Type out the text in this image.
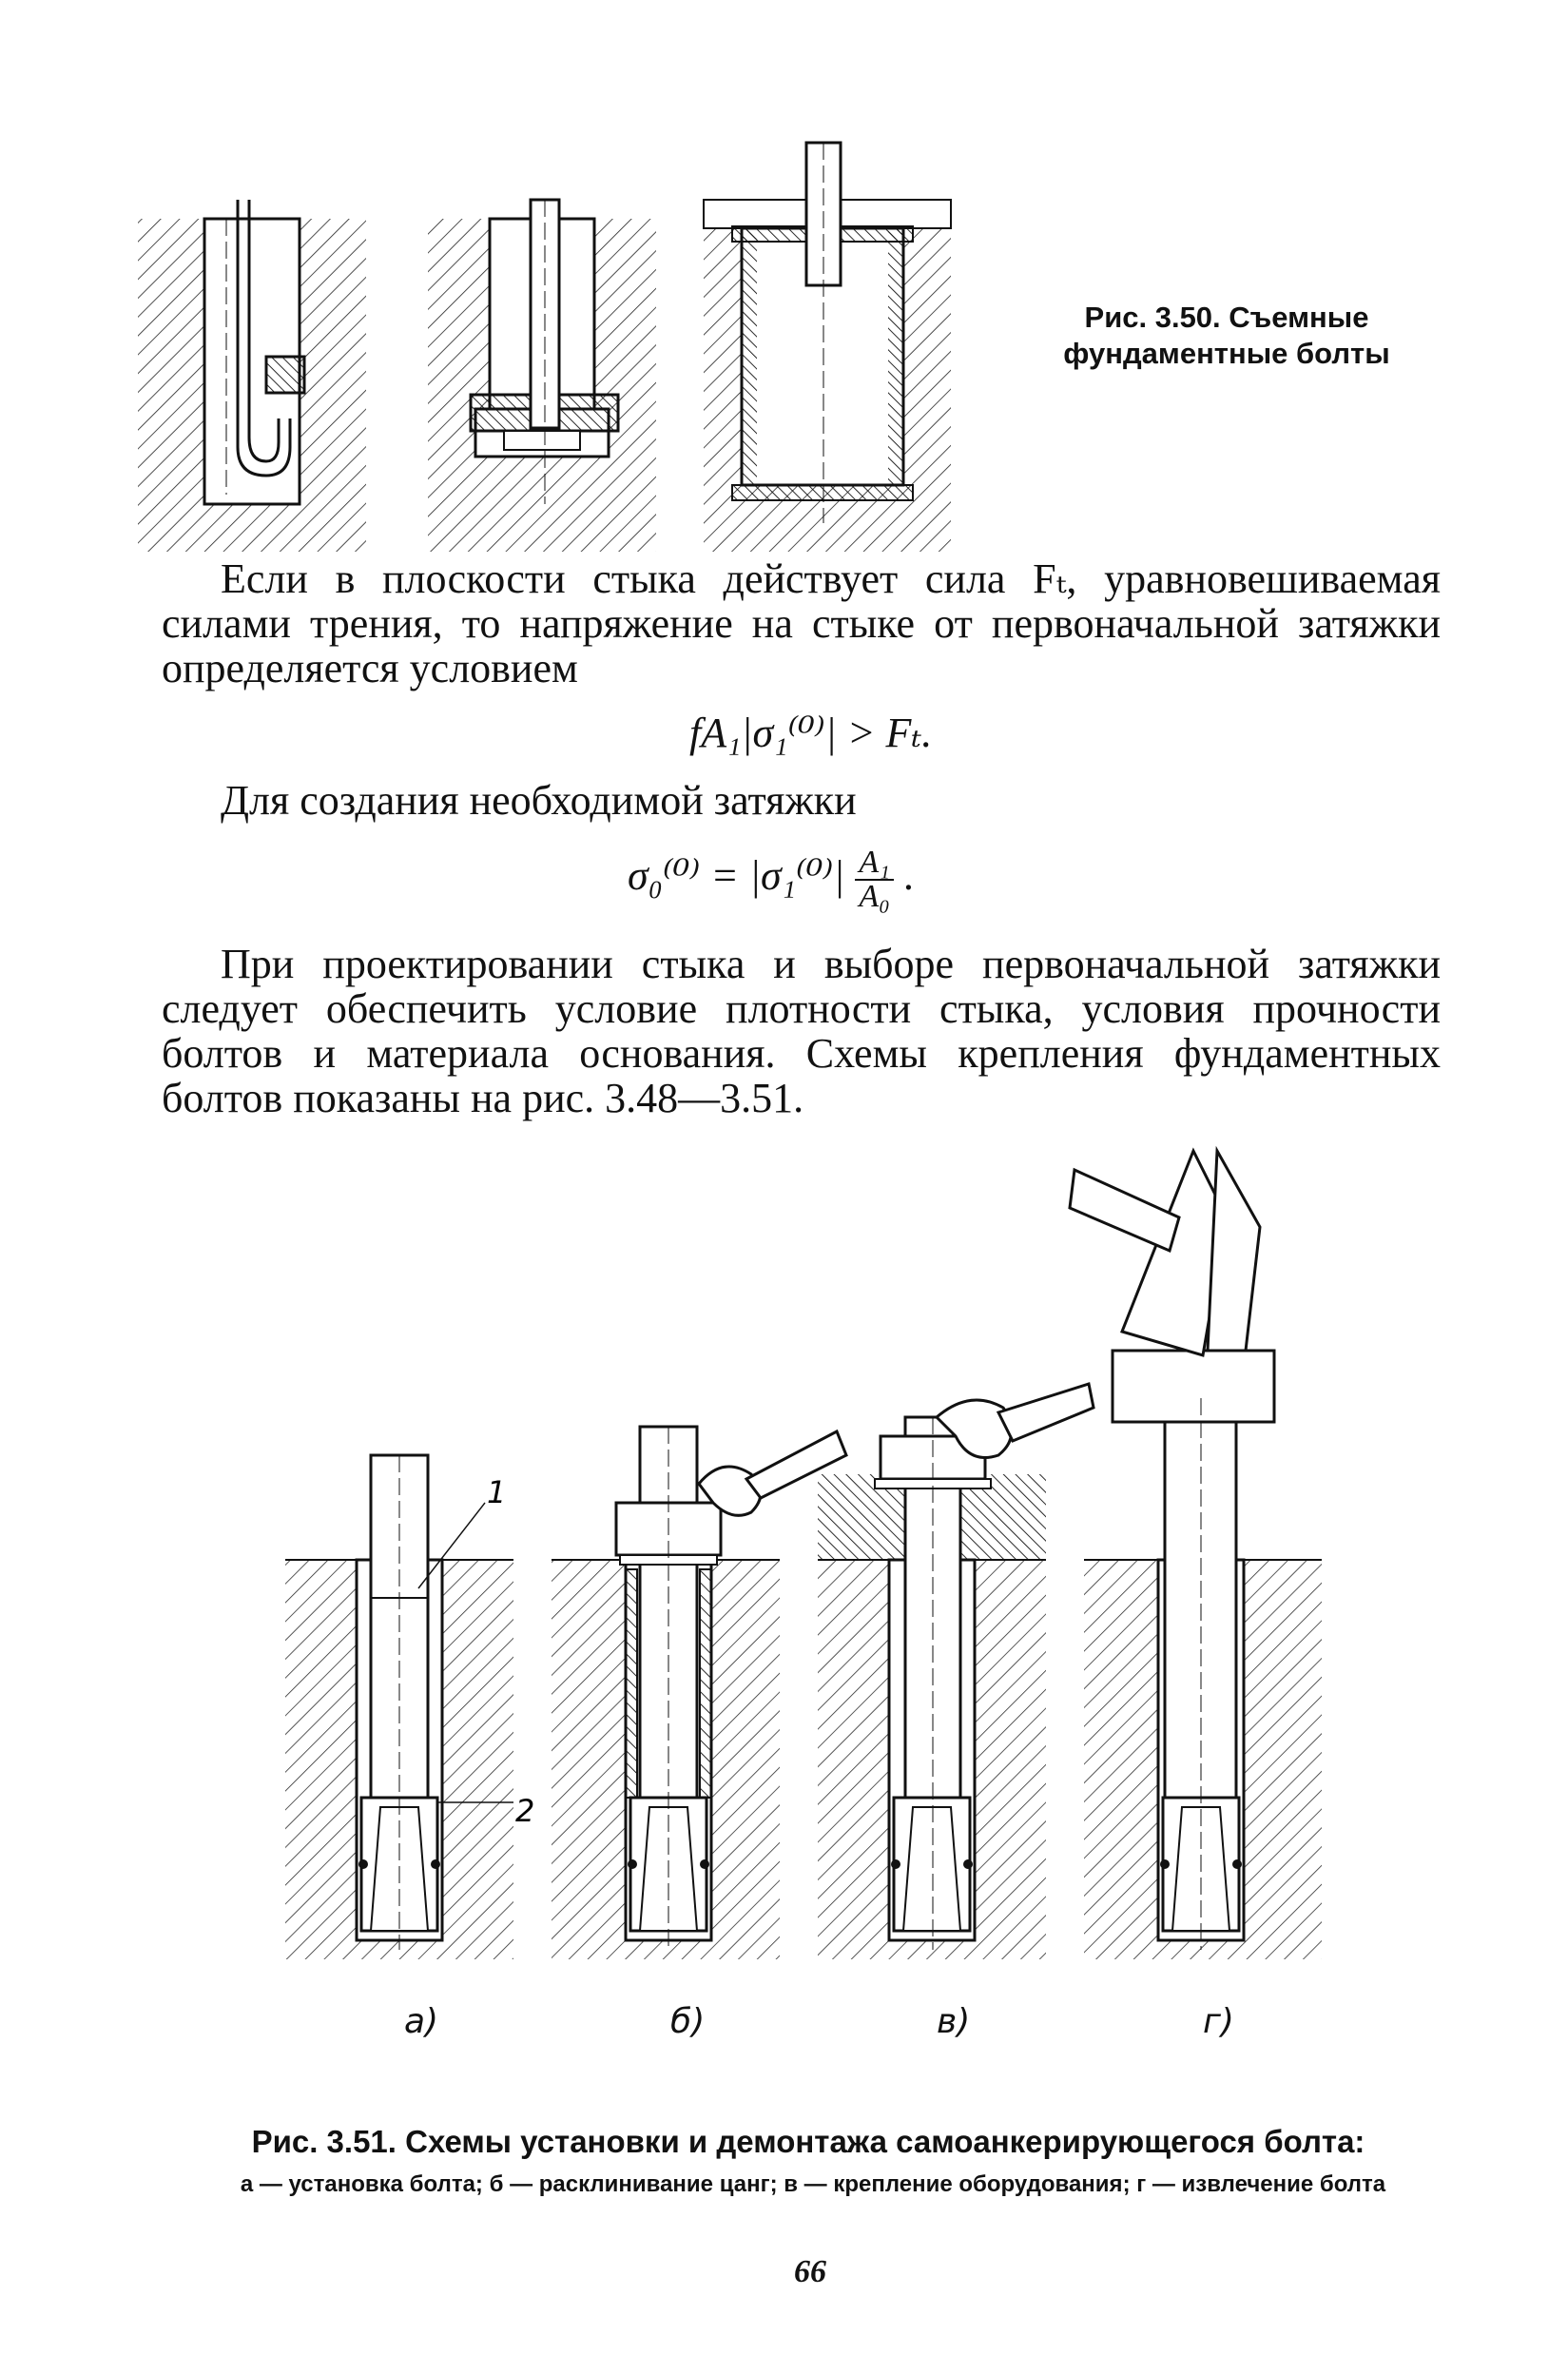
Рис. 3.50. Съемные фундаментные болты

Если в плоскости стыка действует сила Fₜ, уравновешиваемая силами трения, то напряжение на стыке от первоначальной затяжки определяется условием

fA₁|σ₁⁽⁰⁾| > Fₜ.

Для создания необходимой затяжки

$\sigma_0^{(0)} = |\sigma_1^{(0)}| \frac{\text{A₁}}{\text{A₀}}$ .

При проектировании стыка и выборе первоначальной затяжки следует обеспечить условие плотности стыка, условия прочности болтов и материала основания. Схемы крепления фундаментных болтов показаны на рис. 3.48—3.51.

1
2
а)	б)	в)	г)
Рис. 3.51. Схемы установки и демонтажа самоанкерирующегося болта:
а — установка болта; б — расклинивание цанг; в — крепление оборудования; г — извлечение болта
66
